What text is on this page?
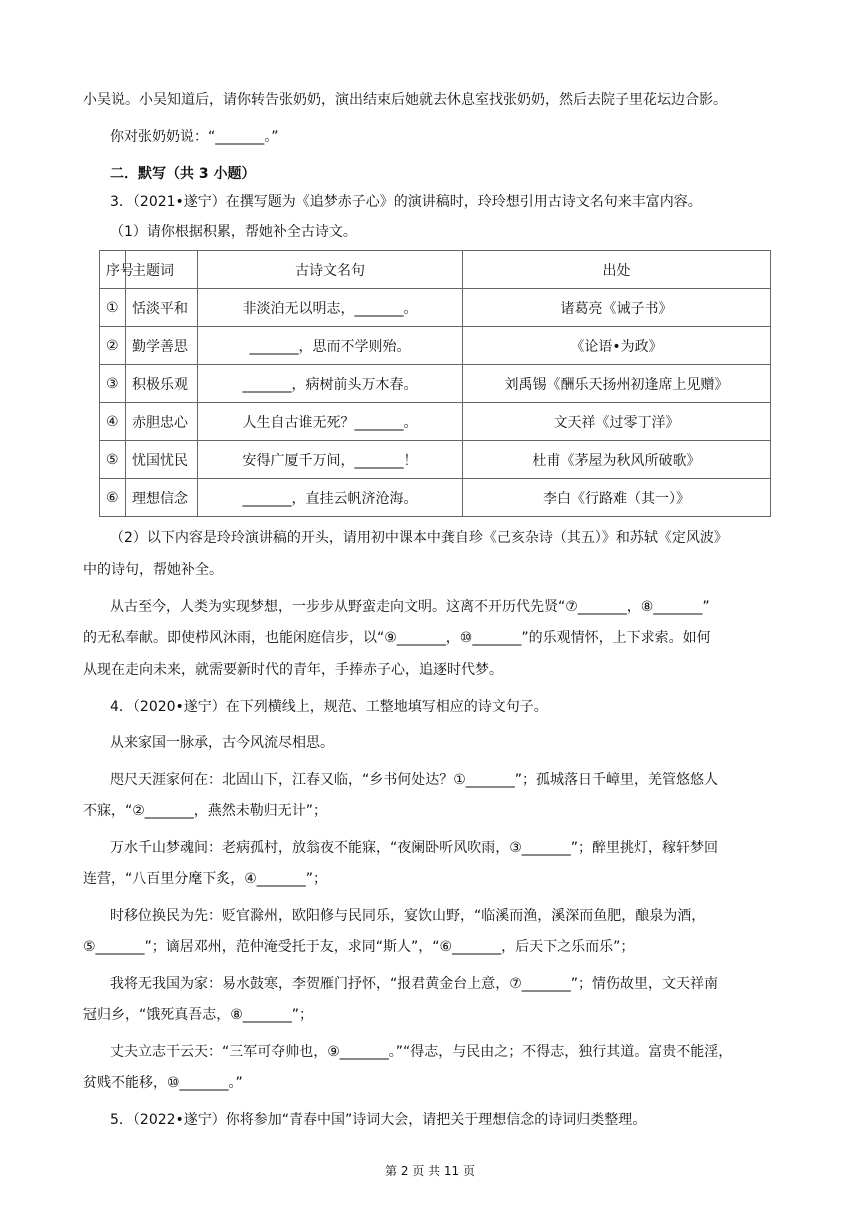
小吴说。小吴知道后，请你转告张奶奶，演出结束后她就去休息室找张奶奶，然后去院子里花坛边合影。
你对张奶奶说：“_______。”
二．默写（共 3 小题）
3．（2021•遂宁）在撰写题为《追梦赤子心》的演讲稿时，玲玲想引用古诗文名句来丰富内容。
（1）请你根据积累，帮她补全古诗文。
序号	主题词	古诗文名句	出处
①	恬淡平和	非淡泊无以明志，_______。	诸葛亮《诫子书》
②	勤学善思	_______，思而不学则殆。	《论语•为政》
③	积极乐观	_______，病树前头万木春。	刘禹锡《酬乐天扬州初逢席上见赠》
④	赤胆忠心	人生自古谁无死？_______。	文天祥《过零丁洋》
⑤	忧国忧民	安得广厦千万间，_______！	杜甫《茅屋为秋风所破歌》
⑥	理想信念	_______，直挂云帆济沧海。	李白《行路难（其一）》
（2）以下内容是玲玲演讲稿的开头，请用初中课本中龚自珍《己亥杂诗（其五）》和苏轼《定风波》
中的诗句，帮她补全。
从古至今，人类为实现梦想，一步步从野蛮走向文明。这离不开历代先贤“⑦_______，⑧_______”
的无私奉献。即使栉风沐雨，也能闲庭信步，以“⑨_______，⑩_______”的乐观情怀，上下求索。如何
从现在走向未来，就需要新时代的青年，手捧赤子心，追逐时代梦。
4．（2020•遂宁）在下列横线上，规范、工整地填写相应的诗文句子。
从来家国一脉承，古今风流尽相思。
咫尺天涯家何在：北固山下，江春又临，“乡书何处达？①_______”；孤城落日千嶂里，羌管悠悠人
不寐，“②_______，燕然未勒归无计”；
万水千山梦魂间：老病孤村，放翁夜不能寐，“夜阑卧听风吹雨，③_______”；醉里挑灯，稼轩梦回
连营，“八百里分麾下炙，④_______”；
时移位换民为先：贬官滁州，欧阳修与民同乐，宴饮山野，“临溪而渔，溪深而鱼肥，酿泉为酒，
⑤_______”；谪居邓州，范仲淹受托于友，求同“斯人”，“⑥_______，后天下之乐而乐”；
我将无我国为家：易水鼓寒，李贺雁门抒怀，“报君黄金台上意，⑦_______”；情伤故里，文天祥南
冠归乡，“饿死真吾志，⑧_______”；
丈夫立志干云天：“三军可夺帅也，⑨_______。”“得志，与民由之；不得志，独行其道。富贵不能淫，
贫贱不能移，⑩_______。”
5．（2022•遂宁）你将参加“青春中国”诗词大会，请把关于理想信念的诗词归类整理。
第 2 页 共 11 页
